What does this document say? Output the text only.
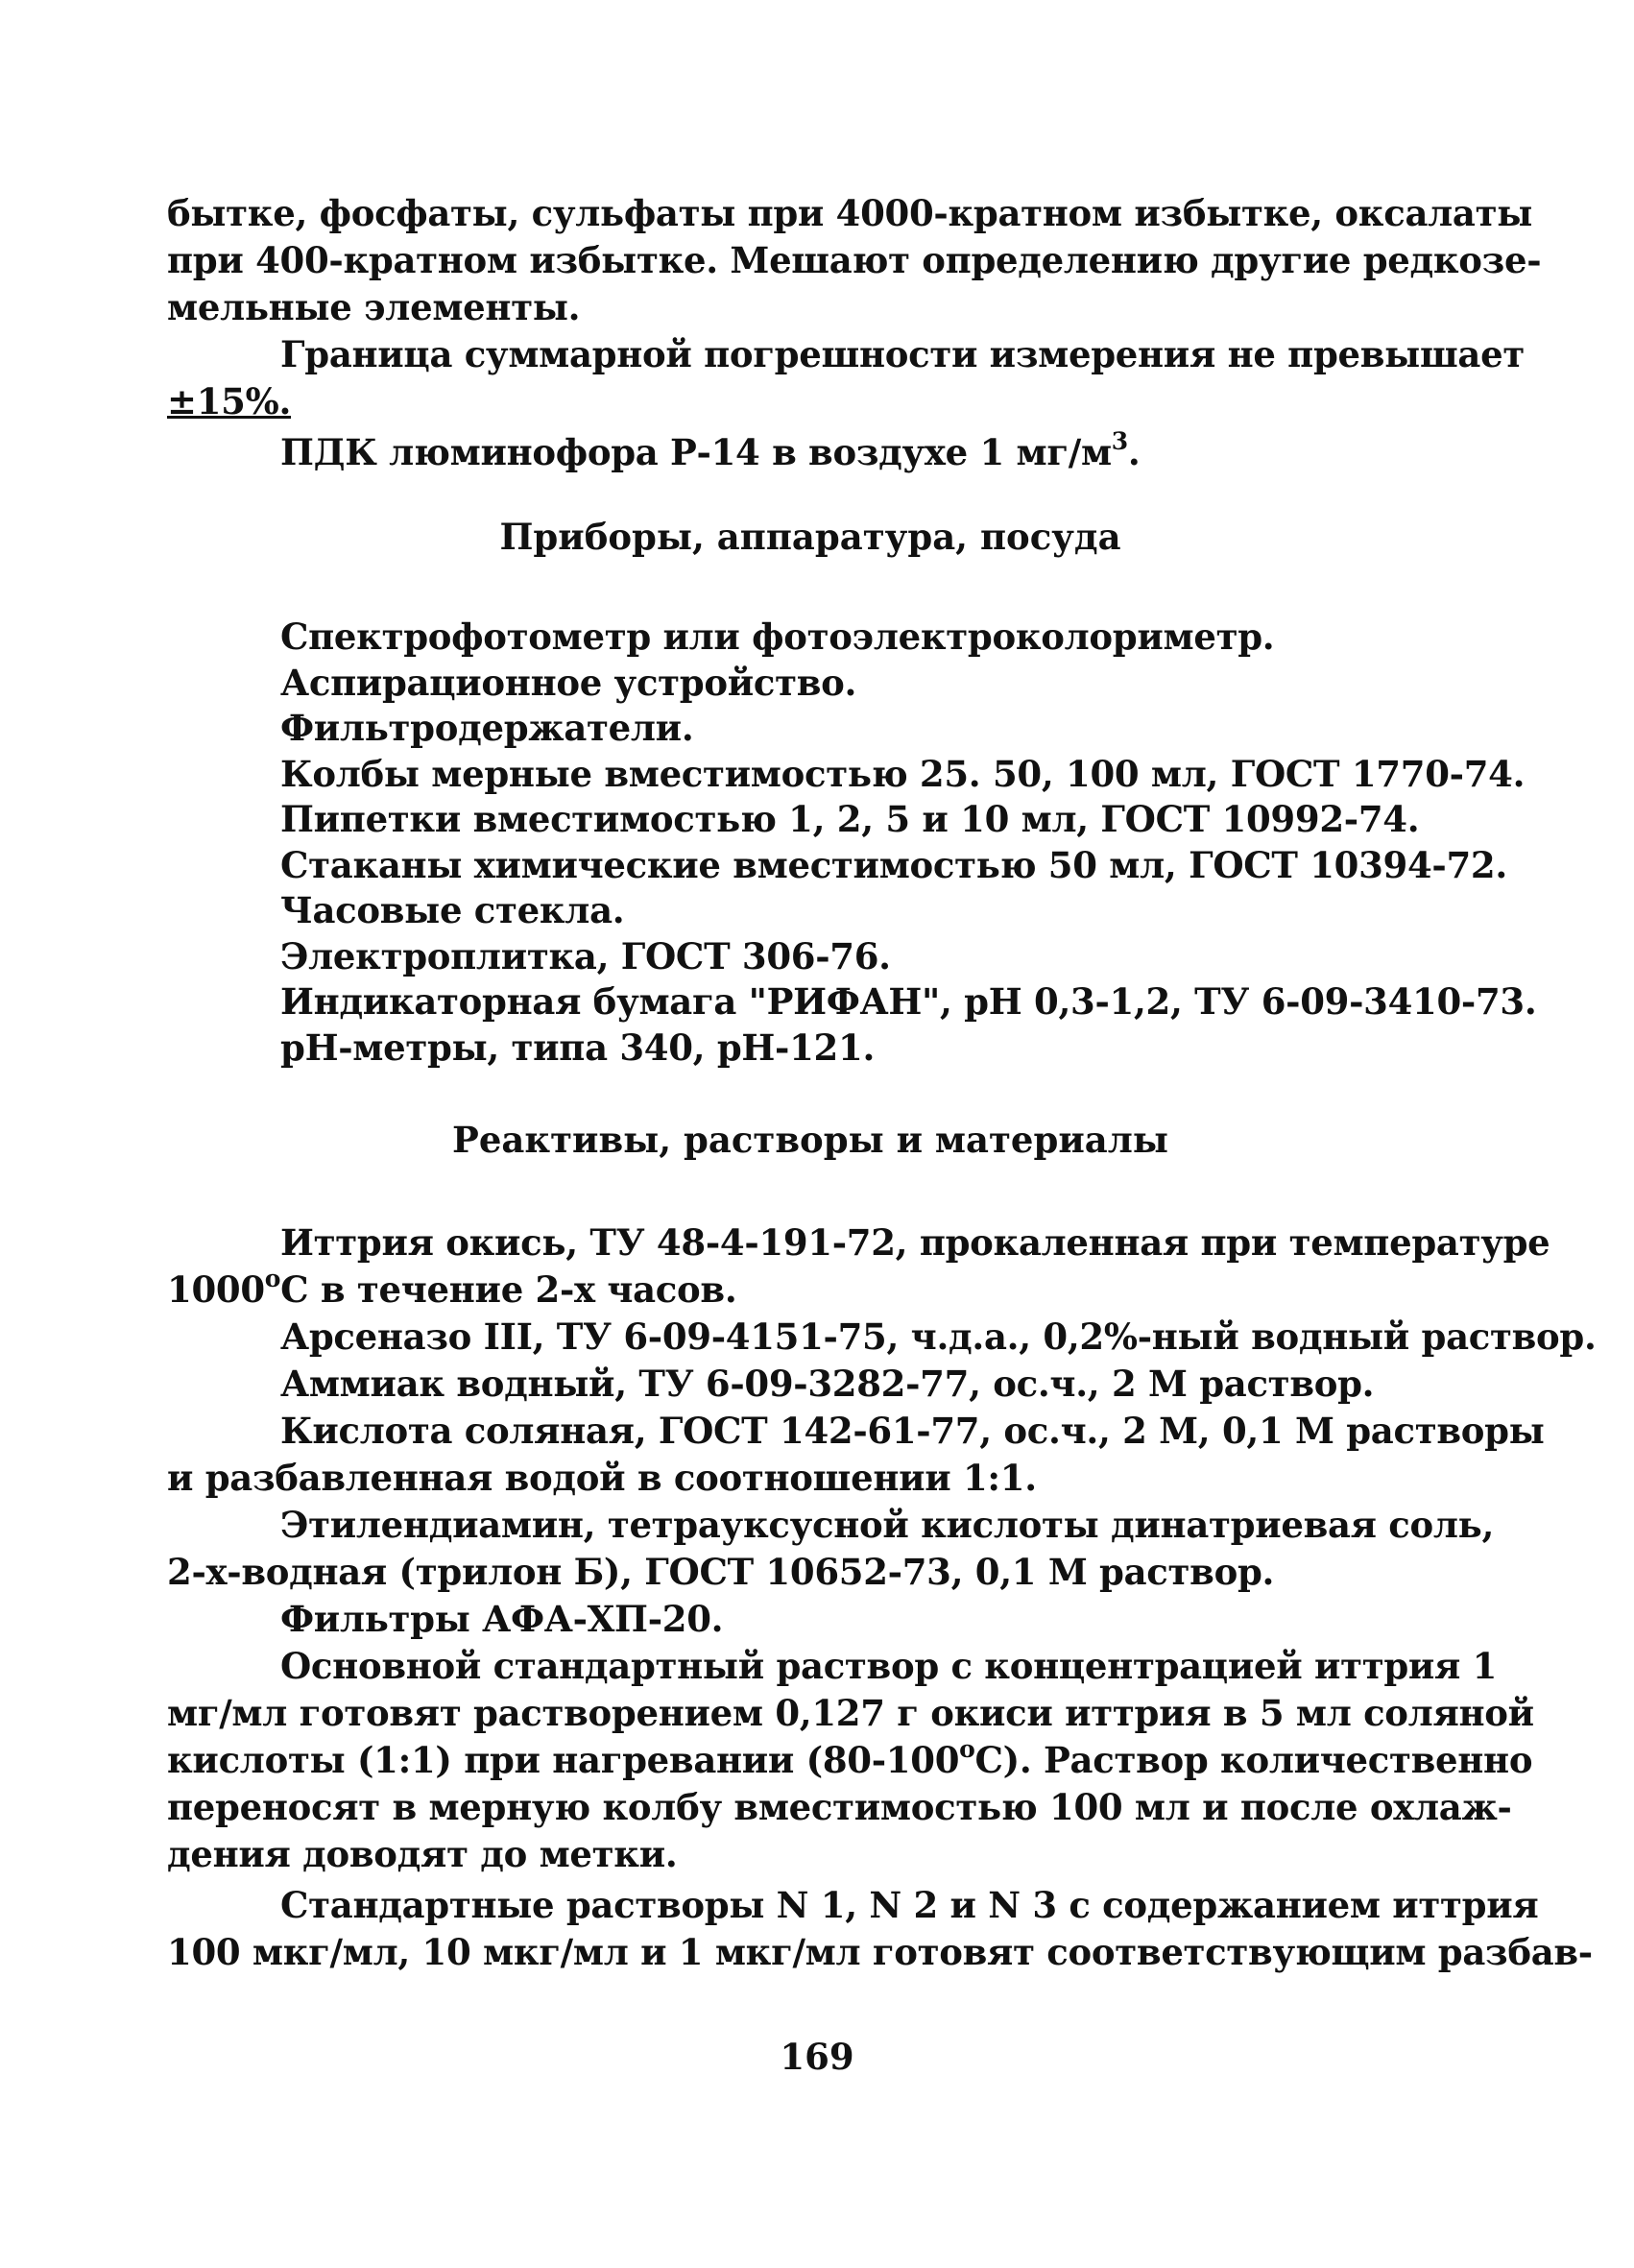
бытке, фосфаты, сульфаты при 4000-кратном избытке, оксалаты
при 400-кратном избытке. Мешают определению другие редкозе-
мельные элементы.
Граница суммарной погрешности измерения не превышает
±15%.
ПДК люминофора Р-14 в воздухе 1 $мг/м^3$.
Приборы, аппаратура, посуда
Спектрофотометр или фотоэлектроколориметр.
Аспирационное устройство.
Фильтродержатели.
Колбы мерные вместимостью 25. 50, 100 мл, ГОСТ 1770-74.
Пипетки вместимостью 1, 2, 5 и 10 мл, ГОСТ 10992-74.
Стаканы химические вместимостью 50 мл, ГОСТ 10394-72.
Часовые стекла.
Электроплитка, ГОСТ 306-76.
Индикаторная бумага "РИФАН", рН 0,3-1,2, ТУ 6-09-3410-73.
рН-метры, типа 340, рН-121.
Реактивы, растворы и материалы
Иттрия окись, ТУ 48-4-191-72, прокаленная при температуре
$1000^оС$ в течение 2-х часов.
Арсеназо III, ТУ 6-09-4151-75, ч.д.а., 0,2%-ный водный раствор.
Аммиак водный, ТУ 6-09-3282-77, ос.ч., 2 М раствор.
Кислота соляная, ГОСТ 142-61-77, ос.ч., 2 М, 0,1 М растворы
и разбавленная водой в соотношении 1:1.
Этилендиамин, тетрауксусной кислоты динатриевая соль,
2-х-водная (трилон Б), ГОСТ 10652-73, 0,1 М раствор.
Фильтры АФА-ХП-20.
Основной стандартный раствор с концентрацией иттрия 1
мг/мл готовят растворением 0,127 г окиси иттрия в 5 мл соляной
кислоты (1:1) при нагревании $(80-100^оС)$. Раствор количественно
переносят в мерную колбу вместимостью 100 мл и после охлаж-
дения доводят до метки.
Стандартные растворы N 1, N 2 и N 3 с содержанием иттрия
100 мкг/мл, 10 мкг/мл и 1 мкг/мл готовят соответствующим разбав-
169
